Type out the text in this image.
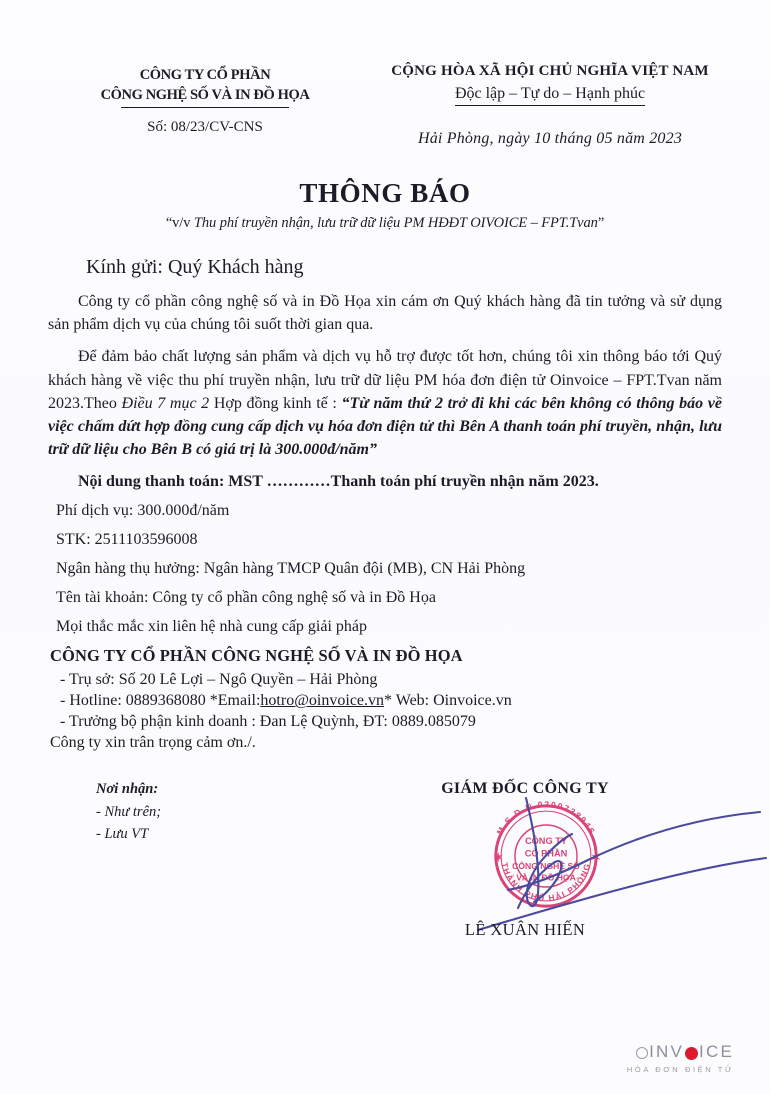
CÔNG TY CỔ PHẦN
CÔNG NGHỆ SỐ VÀ IN ĐỒ HỌA
Số: 08/23/CV-CNS
CỘNG HÒA XÃ HỘI CHỦ NGHĨA VIỆT NAM
Độc lập – Tự do – Hạnh phúc
Hải Phòng, ngày 10 tháng 05 năm 2023
THÔNG BÁO
“v/v Thu phí truyền nhận, lưu trữ dữ liệu PM HĐĐT OIVOICE – FPT.Tvan”
Kính gửi: Quý Khách hàng

Công ty cổ phần công nghệ số và in Đồ Họa xin cám ơn Quý khách hàng đã tin tưởng và sử dụng sản phẩm dịch vụ của chúng tôi suốt thời gian qua.

Để đảm bảo chất lượng sản phẩm và dịch vụ hỗ trợ được tốt hơn, chúng tôi xin thông báo tới Quý khách hàng về việc thu phí truyền nhận, lưu trữ dữ liệu PM hóa đơn điện tử Oinvoice – FPT.Tvan năm 2023.Theo Điều 7 mục 2 Hợp đồng kinh tế : “Từ năm thứ 2 trở đi khi các bên không có thông báo về việc chấm dứt hợp đồng cung cấp dịch vụ hóa đơn điện tử thì Bên A thanh toán phí truyền, nhận, lưu trữ dữ liệu cho Bên B có giá trị là 300.000đ/năm”

Nội dung thanh toán: MST …………Thanh toán phí truyền nhận năm 2023.

Phí dịch vụ: 300.000đ/năm

STK: 2511103596008

Ngân hàng thụ hưởng: Ngân hàng TMCP Quân đội (MB), CN Hải Phòng

Tên tài khoản: Công ty cổ phần công nghệ số và in Đồ Họa

Mọi thắc mắc xin liên hệ nhà cung cấp giải pháp

CÔNG TY CỔ PHẦN CÔNG NGHỆ SỐ VÀ IN ĐỒ HỌA

- Trụ sở: Số 20 Lê Lợi – Ngô Quyền – Hải Phòng

- Hotline: 0889368080 *Email:hotro@oinvoice.vn* Web: Oinvoice.vn

- Trưởng bộ phận kinh doanh : Đan Lệ Quỳnh, ĐT: 0889.085079

Công ty xin trân trọng cảm ơn./.

Nơi nhận:
- Như trên;
- Lưu VT	M.S.D.N 0200738946
THÀNH PHỐ HẢI PHÒNG
✶	✶
CÔNG TY
CỔ PHẦN
CÔNG NGHỆ SỐ
VÀ IN ĐỒ HỌA
GIÁM ĐỐC CÔNG TY
LÊ XUÂN HIẾN
INV ICE
HÓA ĐƠN ĐIỆN TỬ
